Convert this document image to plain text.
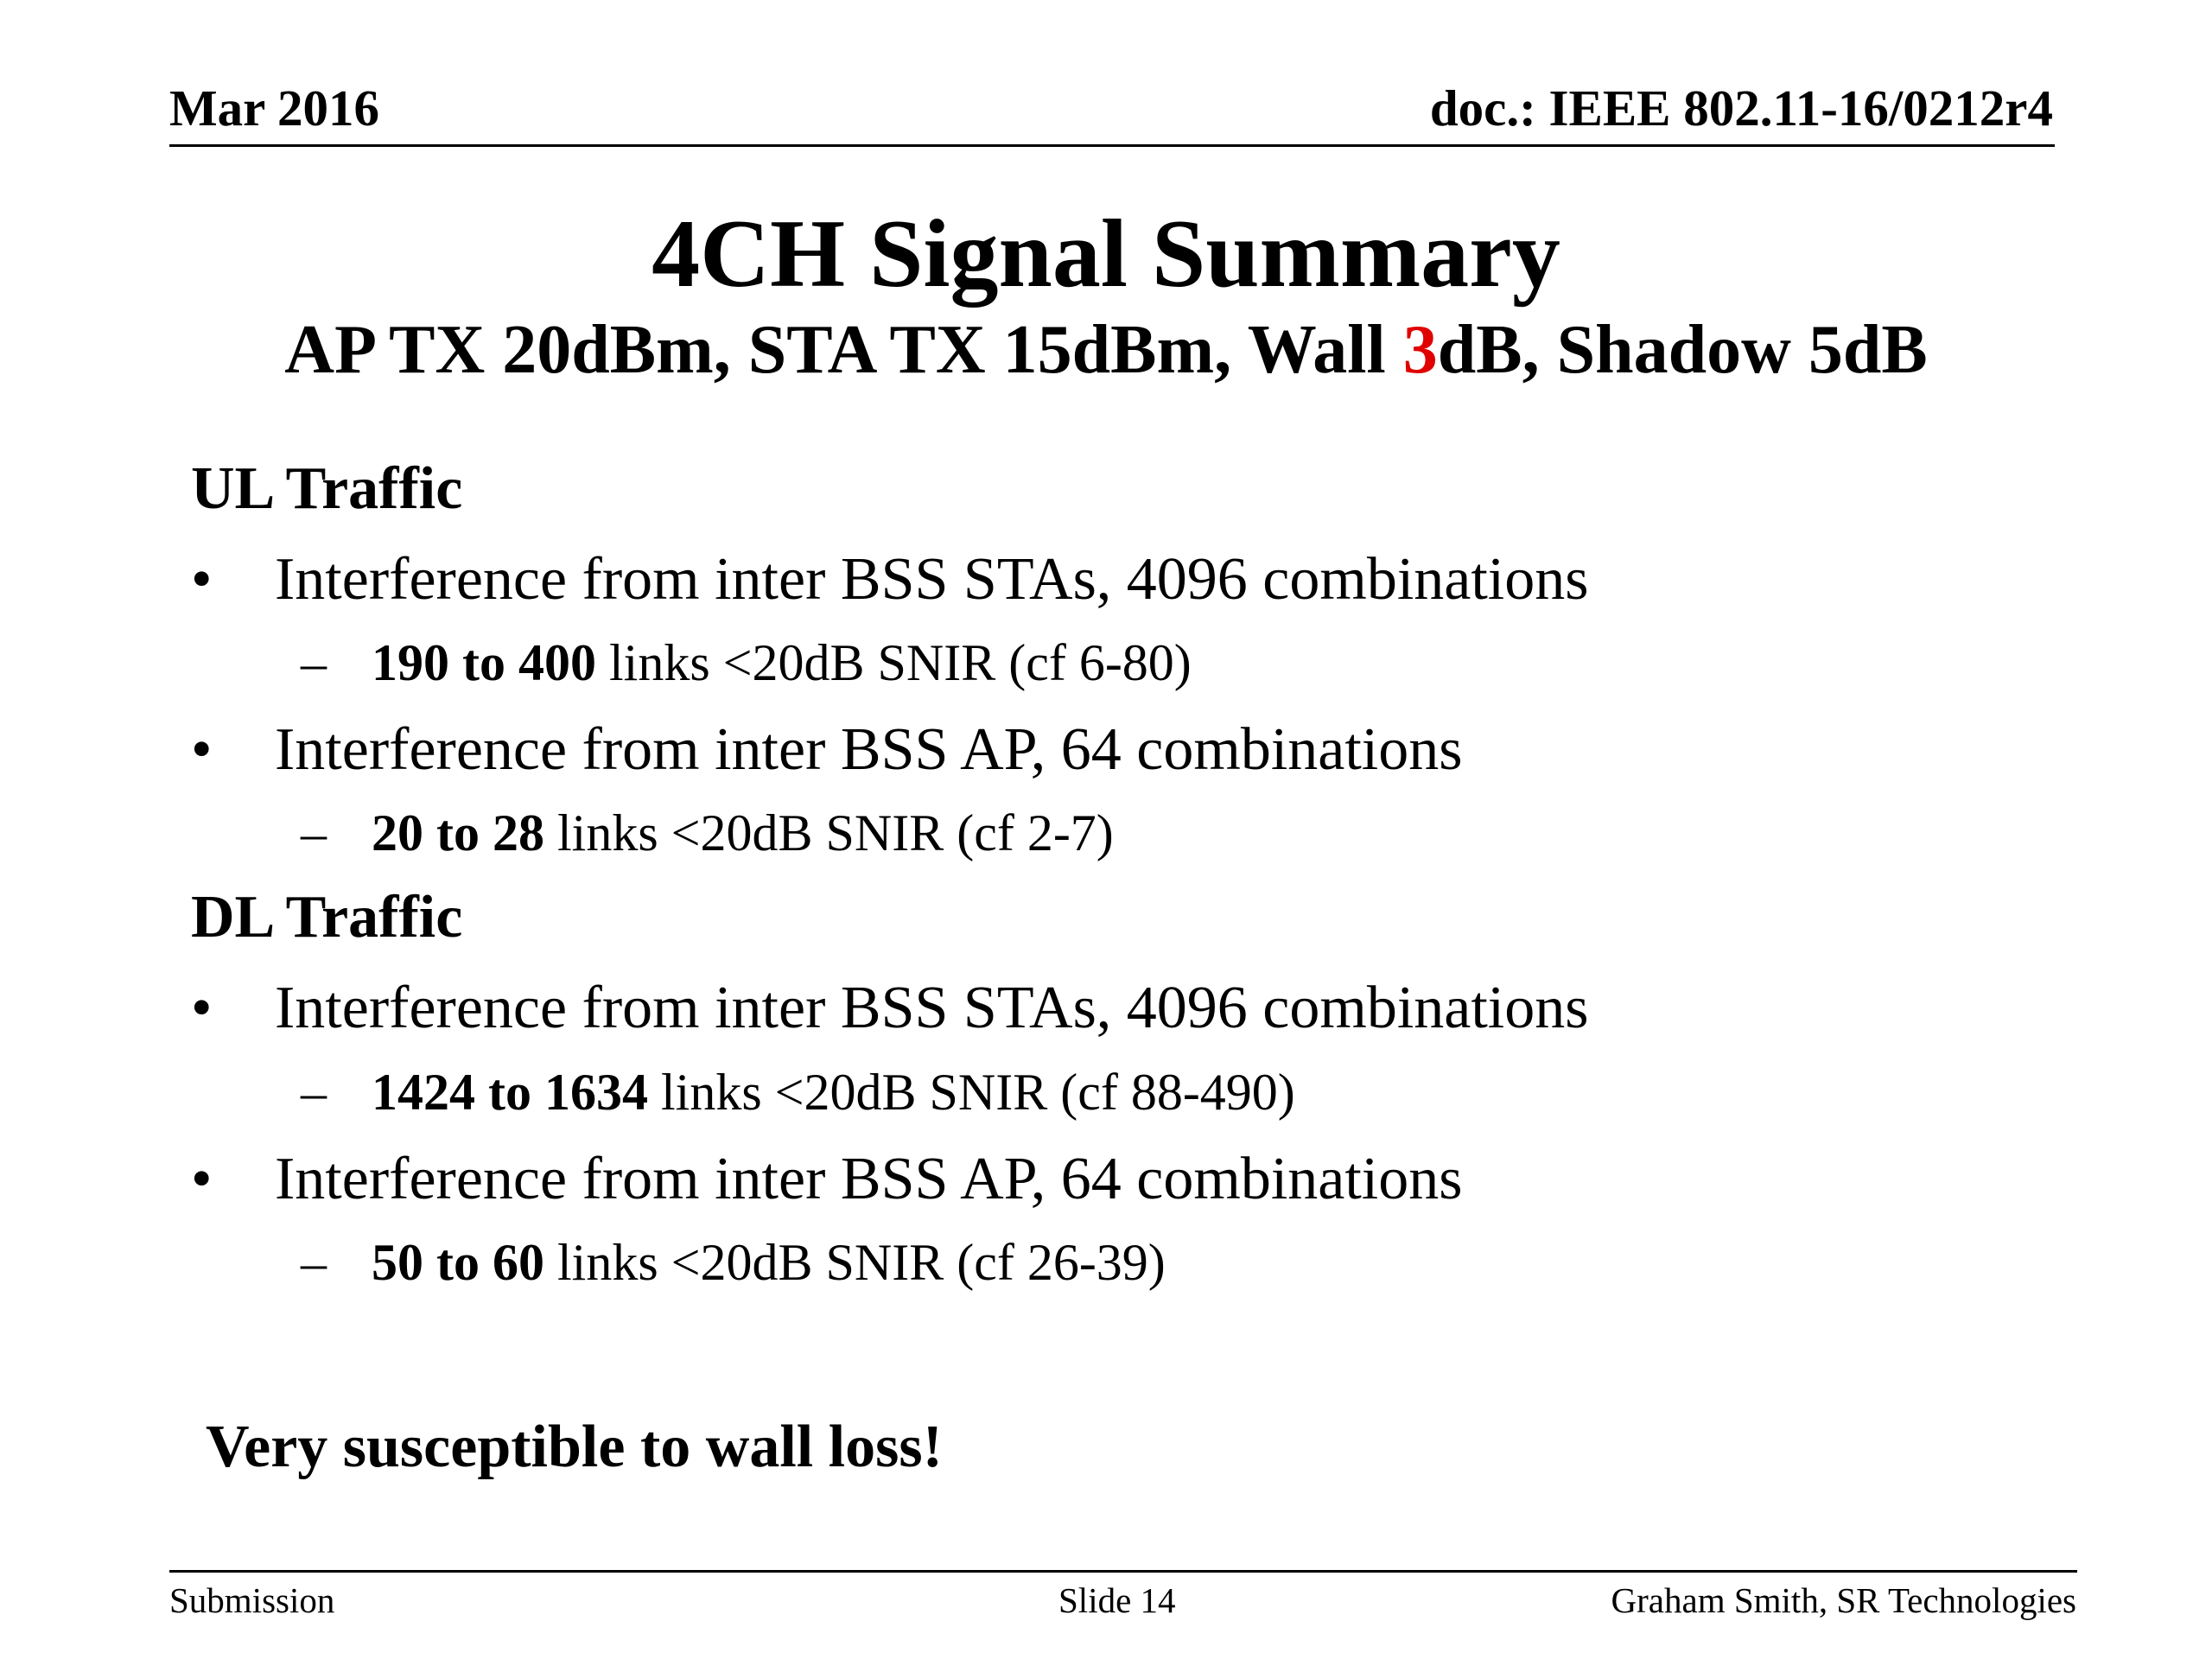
Mar 2016	doc.: IEEE 802.11-16/0212r4
4CH Signal Summary
AP TX 20dBm, STA TX 15dBm, Wall 3dB, Shadow 5dB
UL Traffic
• Interference from inter BSS STAs, 4096 combinations
– 190 to 400 links <20dB SNIR (cf 6-80)
• Interference from inter BSS AP, 64 combinations
– 20 to 28 links <20dB SNIR (cf 2-7)
DL Traffic
• Interference from inter BSS STAs, 4096 combinations
– 1424 to 1634 links <20dB SNIR (cf 88-490)
• Interference from inter BSS AP, 64 combinations
– 50 to 60 links <20dB SNIR (cf 26-39)
Very susceptible to wall loss!
Submission	Slide 14	Graham Smith, SR Technologies
